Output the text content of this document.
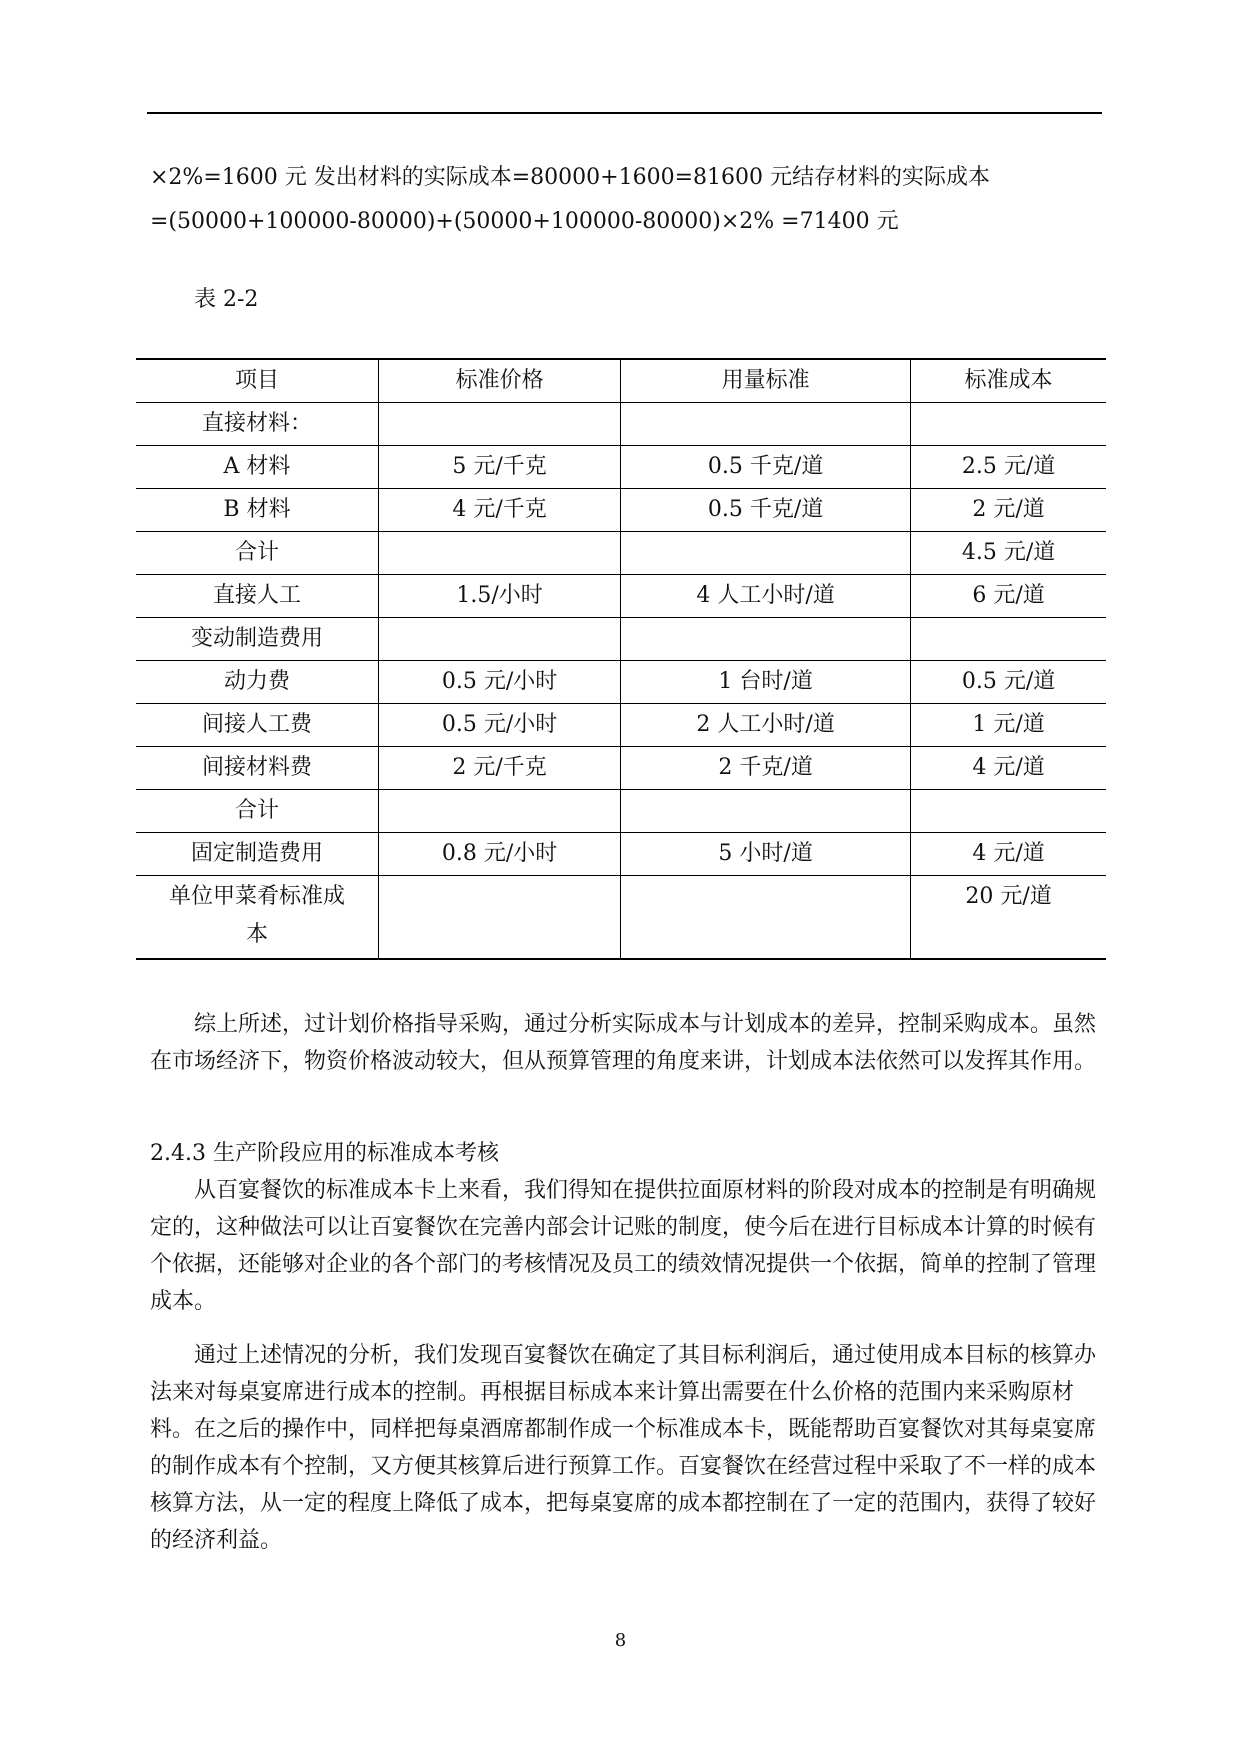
×2%=1600 元 发出材料的实际成本=80000+1600=81600 元结存材料的实际成本
=(50000+100000-80000)+(50000+100000-80000)×2% =71400 元
表 2-2
项目	标准价格	用量标准	标准成本
直接材料：			
A 材料	5 元/千克	0.5 千克/道	2.5 元/道
B 材料	4 元/千克	0.5 千克/道	2 元/道
合计			4.5 元/道
直接人工	1.5/小时	4 人工小时/道	6 元/道
变动制造费用			
动力费	0.5 元/小时	1 台时/道	0.5 元/道
间接人工费	0.5 元/小时	2 人工小时/道	1 元/道
间接材料费	2 元/千克	2 千克/道	4 元/道
合计			
固定制造费用	0.8 元/小时	5 小时/道	4 元/道
单位甲菜肴标准成本			20 元/道
综上所述，过计划价格指导采购，通过分析实际成本与计划成本的差异，控制采购成本。虽然在市场经济下，物资价格波动较大，但从预算管理的角度来讲，计划成本法依然可以发挥其作用。
2.4.3 生产阶段应用的标准成本考核
从百宴餐饮的标准成本卡上来看，我们得知在提供拉面原材料的阶段对成本的控制是有明确规定的，这种做法可以让百宴餐饮在完善内部会计记账的制度，使今后在进行目标成本计算的时候有个依据，还能够对企业的各个部门的考核情况及员工的绩效情况提供一个依据，简单的控制了管理成本。
通过上述情况的分析，我们发现百宴餐饮在确定了其目标利润后，通过使用成本目标的核算办法来对每桌宴席进行成本的控制。再根据目标成本来计算出需要在什么价格的范围内来采购原材料。在之后的操作中，同样把每桌酒席都制作成一个标准成本卡，既能帮助百宴餐饮对其每桌宴席的制作成本有个控制，又方便其核算后进行预算工作。百宴餐饮在经营过程中采取了不一样的成本核算方法，从一定的程度上降低了成本，把每桌宴席的成本都控制在了一定的范围内，获得了较好的经济利益。
8
